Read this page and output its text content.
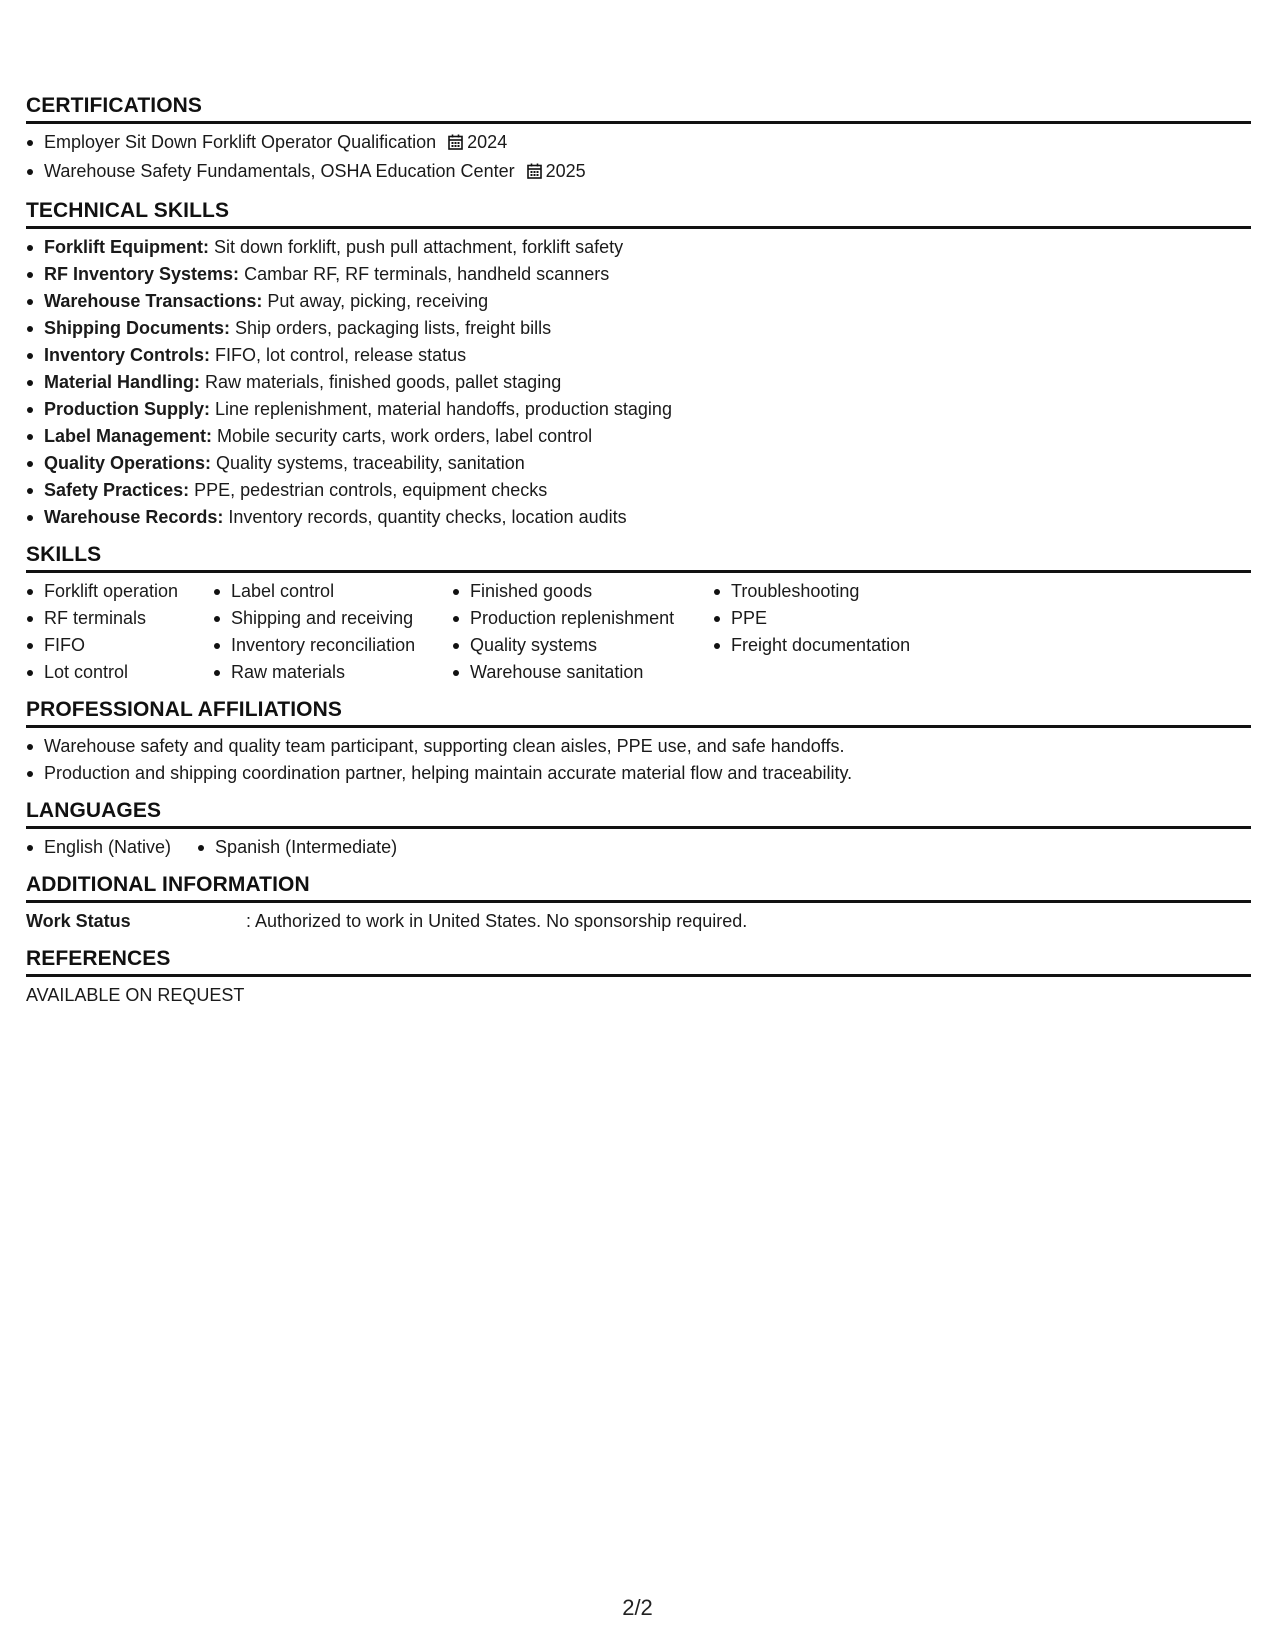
CERTIFICATIONS
Employer Sit Down Forklift Operator Qualification 2024
Warehouse Safety Fundamentals, OSHA Education Center 2025
TECHNICAL SKILLS
Forklift Equipment: Sit down forklift, push pull attachment, forklift safety
RF Inventory Systems: Cambar RF, RF terminals, handheld scanners
Warehouse Transactions: Put away, picking, receiving
Shipping Documents: Ship orders, packaging lists, freight bills
Inventory Controls: FIFO, lot control, release status
Material Handling: Raw materials, finished goods, pallet staging
Production Supply: Line replenishment, material handoffs, production staging
Label Management: Mobile security carts, work orders, label control
Quality Operations: Quality systems, traceability, sanitation
Safety Practices: PPE, pedestrian controls, equipment checks
Warehouse Records: Inventory records, quantity checks, location audits
SKILLS
Forklift operation
RF terminals
FIFO
Lot control
Label control
Shipping and receiving
Inventory reconciliation
Raw materials
Finished goods
Production replenishment
Quality systems
Warehouse sanitation
Troubleshooting
PPE
Freight documentation
PROFESSIONAL AFFILIATIONS
Warehouse safety and quality team participant, supporting clean aisles, PPE use, and safe handoffs.
Production and shipping coordination partner, helping maintain accurate material flow and traceability.
LANGUAGES
English (Native)	Spanish (Intermediate)
ADDITIONAL INFORMATION
Work Status	: Authorized to work in United States. No sponsorship required.
REFERENCES
AVAILABLE ON REQUEST
2/2
